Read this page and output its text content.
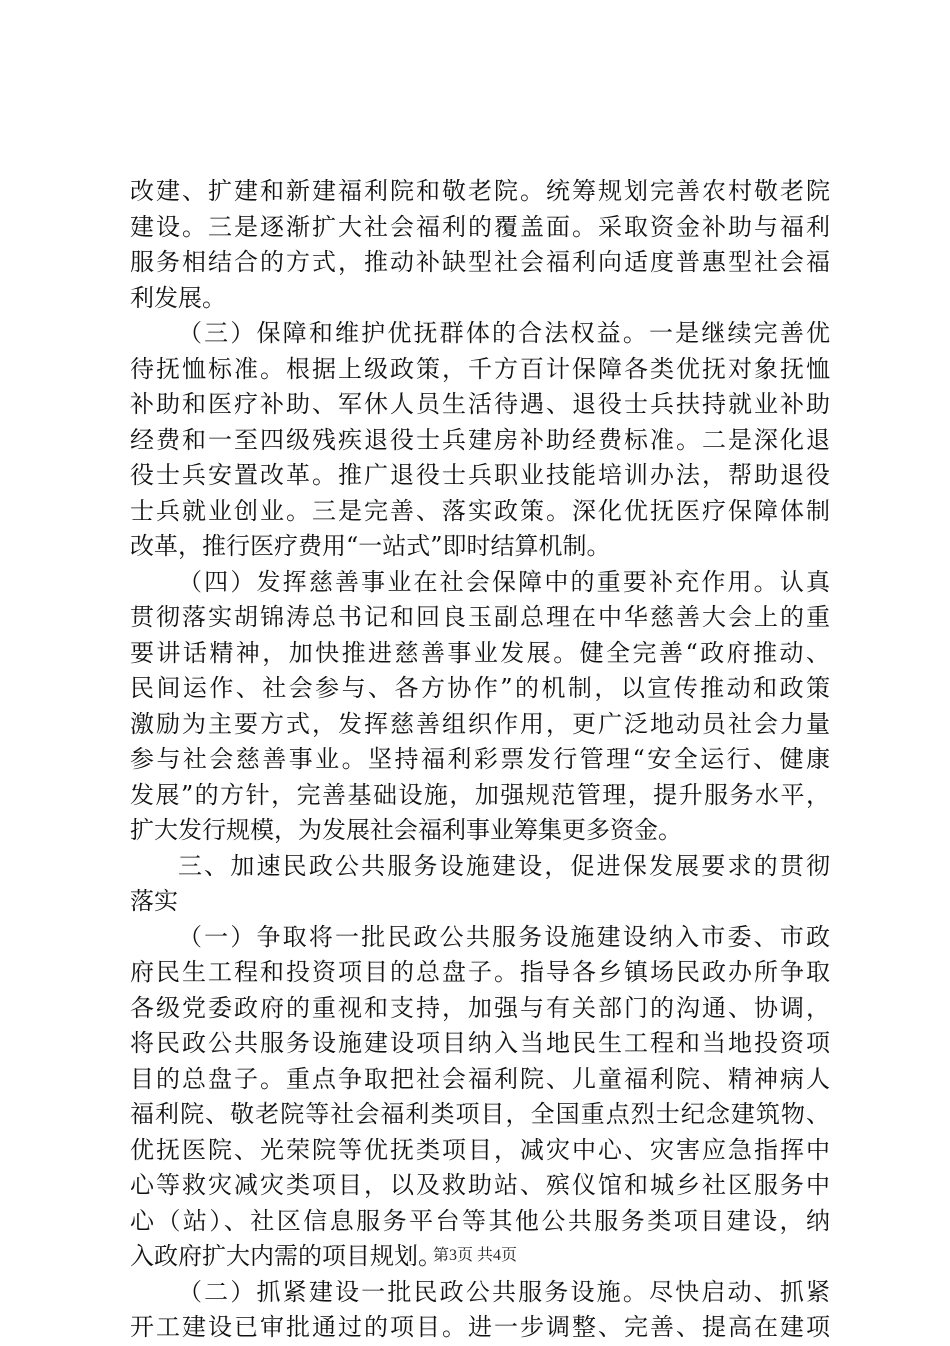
改建、扩建和新建福利院和敬老院。统筹规划完善农村敬老院
建设。三是逐渐扩大社会福利的覆盖面。采取资金补助与福利
服务相结合的方式，推动补缺型社会福利向适度普惠型社会福
利发展。
（三）保障和维护优抚群体的合法权益。一是继续完善优
待抚恤标准。根据上级政策，千方百计保障各类优抚对象抚恤
补助和医疗补助、军休人员生活待遇、退役士兵扶持就业补助
经费和一至四级残疾退役士兵建房补助经费标准。二是深化退
役士兵安置改革。推广退役士兵职业技能培训办法，帮助退役
士兵就业创业。三是完善、落实政策。深化优抚医疗保障体制
改革，推行医疗费用“一站式”即时结算机制。
（四）发挥慈善事业在社会保障中的重要补充作用。认真
贯彻落实胡锦涛总书记和回良玉副总理在中华慈善大会上的重
要讲话精神，加快推进慈善事业发展。健全完善“政府推动、
民间运作、社会参与、各方协作”的机制，以宣传推动和政策
激励为主要方式，发挥慈善组织作用，更广泛地动员社会力量
参与社会慈善事业。坚持福利彩票发行管理“安全运行、健康
发展”的方针，完善基础设施，加强规范管理，提升服务水平，
扩大发行规模，为发展社会福利事业筹集更多资金。
三、加速民政公共服务设施建设，促进保发展要求的贯彻
落实
（一）争取将一批民政公共服务设施建设纳入市委、市政
府民生工程和投资项目的总盘子。指导各乡镇场民政办所争取
各级党委政府的重视和支持，加强与有关部门的沟通、协调，
将民政公共服务设施建设项目纳入当地民生工程和当地投资项
目的总盘子。重点争取把社会福利院、儿童福利院、精神病人
福利院、敬老院等社会福利类项目，全国重点烈士纪念建筑物、
优抚医院、光荣院等优抚类项目，减灾中心、灾害应急指挥中
心等救灾减灾类项目，以及救助站、殡仪馆和城乡社区服务中
心（站）、社区信息服务平台等其他公共服务类项目建设，纳
入政府扩大内需的项目规划。
（二）抓紧建设一批民政公共服务设施。尽快启动、抓紧
开工建设已审批通过的项目。进一步调整、完善、提高在建项
第3页 共4页
